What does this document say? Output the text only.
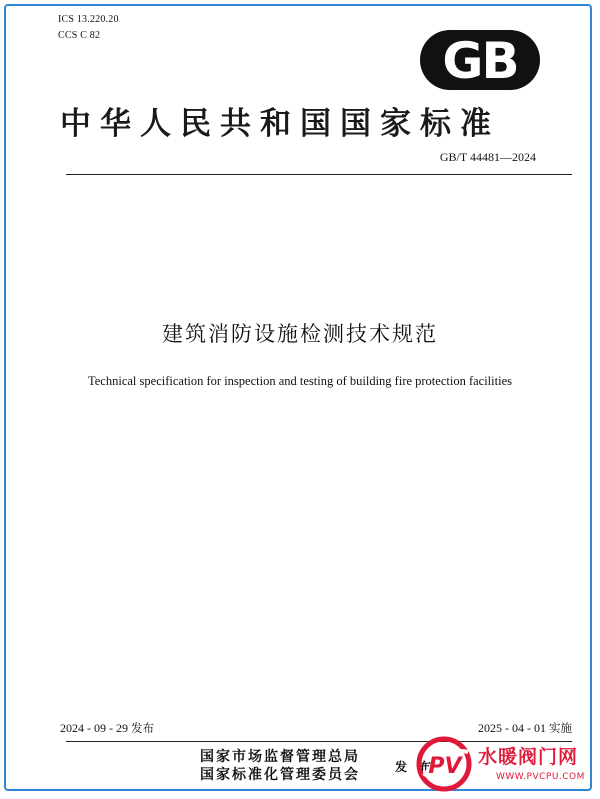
ICS 13.220.20
CCS C 82	GB
中华人民共和国国家标准
GB/T 44481—2024
建筑消防设施检测技术规范
Technical specification for inspection and testing of building fire protection facilities
2024 - 09 - 29 发布	2025 - 04 - 01 实施
国家市场监督管理总局
国家标准化管理委员会	发 布
PV 水暖阀门网
WWW.PVCPU.COM
